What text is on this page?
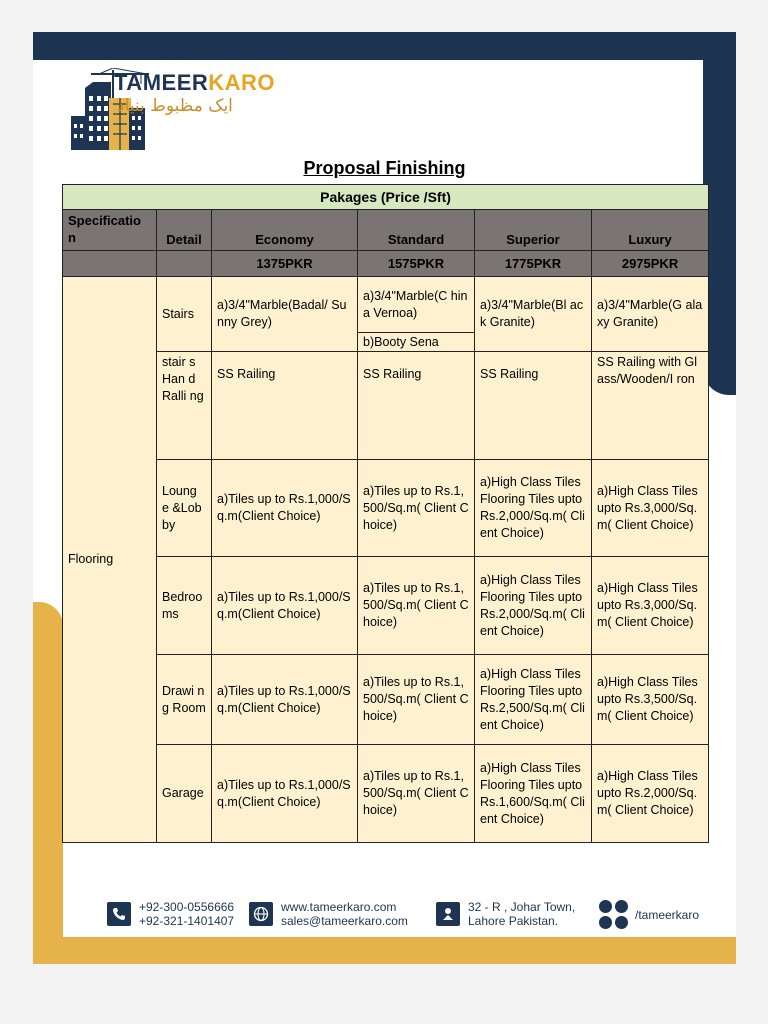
TAMEERKARO
ایک مظبوط بنیاد
Proposal Finishing
Pakages (Price /Sft)					
Specificatio n	Detail	Economy	Standard	Superior	Luxury
		1375PKR	1575PKR	1775PKR	2975PKR
Flooring	Stairs	a)3/4"Marble(Badal/ Sunny Grey)	a)3/4"Marble(C hina Vernoa)	a)3/4"Marble(Bl ack Granite)	a)3/4"Marble(G alaxy Granite)
			b)Booty Sena		
	stair s Han d Ralli ng	SS Railing	SS Railing	SS Railing	SS Railing with Glass/Wooden/I ron
	Loung e &Lob by	a)Tiles up to Rs.1,000/Sq.m(Client Choice)	a)Tiles up to Rs.1,500/Sq.m( Client Choice)	a)High Class Tiles Flooring Tiles upto Rs.2,000/Sq.m( Client Choice)	a)High Class Tiles upto Rs.3,000/Sq.m( Client Choice)
	Bedroo ms	a)Tiles up to Rs.1,000/Sq.m(Client Choice)	a)Tiles up to Rs.1,500/Sq.m( Client Choice)	a)High Class Tiles Flooring Tiles upto Rs.2,000/Sq.m( Client Choice)	a)High Class Tiles upto Rs.3,000/Sq.m( Client Choice)
	Drawi ng Room	a)Tiles up to Rs.1,000/Sq.m(Client Choice)	a)Tiles up to Rs.1,500/Sq.m( Client Choice)	a)High Class Tiles Flooring Tiles upto Rs.2,500/Sq.m( Client Choice)	a)High Class Tiles upto Rs.3,500/Sq.m( Client Choice)
	Garage	a)Tiles up to Rs.1,000/Sq.m(Client Choice)	a)Tiles up to Rs.1,500/Sq.m( Client Choice)	a)High Class Tiles Flooring Tiles upto Rs.1,600/Sq.m( Client Choice)	a)High Class Tiles upto Rs.2,000/Sq.m( Client Choice)
+92-300-0556666
+92-321-1401407
www.tameerkaro.com
sales@tameerkaro.com
32 - R , Johar Town,
Lahore Pakistan.	/tameerkaro
